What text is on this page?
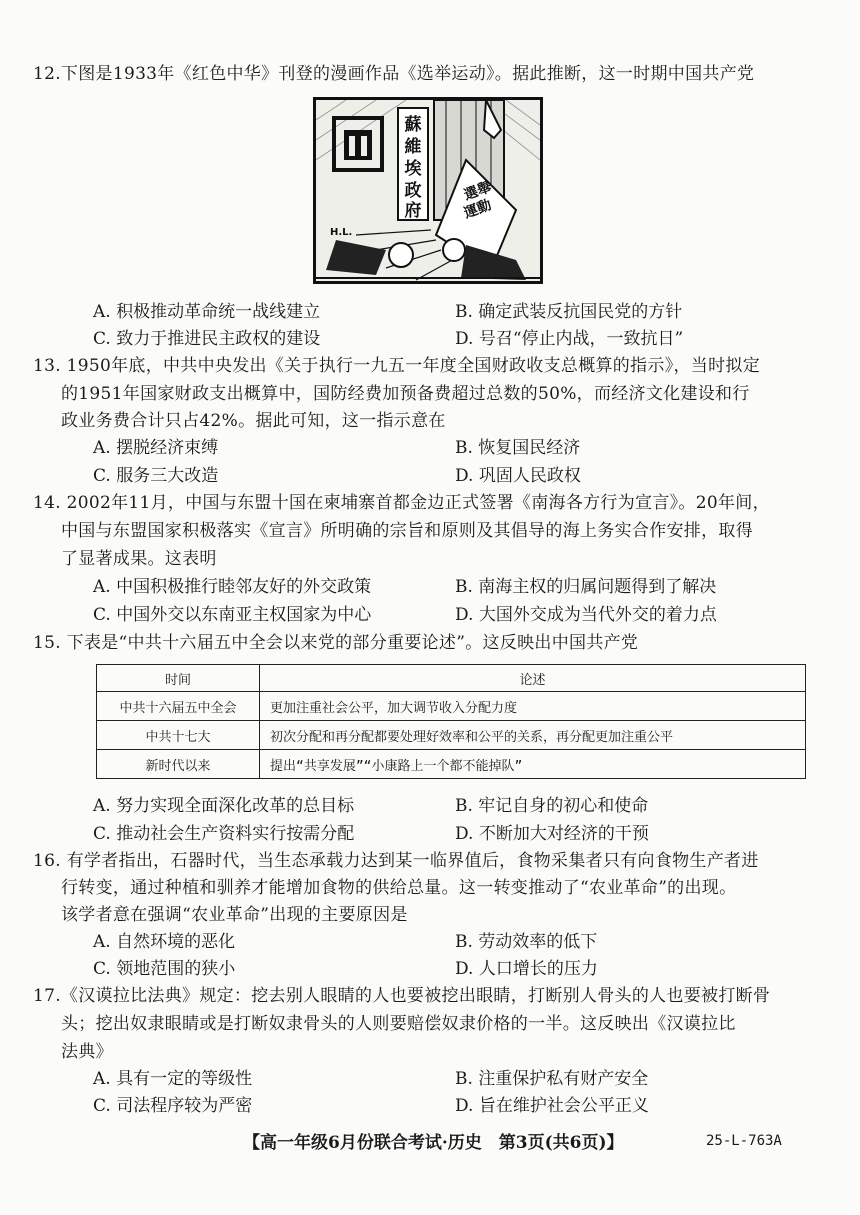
12.下图是1933年《红色中华》刊登的漫画作品《选举运动》。据此推断，这一时期中国共产党
蘇
維
埃
政
府
選舉
運動
H.L.
A. 积极推动革命统一战线建立	B. 确定武装反抗国民党的方针
C. 致力于推进民主政权的建设	D. 号召“停止内战，一致抗日”
13. 1950年底，中共中央发出《关于执行一九五一年度全国财政收支总概算的指示》，当时拟定
的1951年国家财政支出概算中，国防经费加预备费超过总数的50%，而经济文化建设和行
政业务费合计只占42%。据此可知，这一指示意在
A. 摆脱经济束缚	B. 恢复国民经济
C. 服务三大改造	D. 巩固人民政权
14. 2002年11月，中国与东盟十国在柬埔寨首都金边正式签署《南海各方行为宣言》。20年间，
中国与东盟国家积极落实《宣言》所明确的宗旨和原则及其倡导的海上务实合作安排，取得
了显著成果。这表明
A. 中国积极推行睦邻友好的外交政策	B. 南海主权的归属问题得到了解决
C. 中国外交以东南亚主权国家为中心	D. 大国外交成为当代外交的着力点
15. 下表是“中共十六届五中全会以来党的部分重要论述”。这反映出中国共产党
时间	论述
中共十六届五中全会	更加注重社会公平，加大调节收入分配力度
中共十七大	初次分配和再分配都要处理好效率和公平的关系，再分配更加注重公平
新时代以来	提出“共享发展”“小康路上一个都不能掉队”
A. 努力实现全面深化改革的总目标	B. 牢记自身的初心和使命
C. 推动社会生产资料实行按需分配	D. 不断加大对经济的干预
16. 有学者指出，石器时代，当生态承载力达到某一临界值后，食物采集者只有向食物生产者进
行转变，通过种植和驯养才能增加食物的供给总量。这一转变推动了“农业革命”的出现。
该学者意在强调“农业革命”出现的主要原因是
A. 自然环境的恶化	B. 劳动效率的低下
C. 领地范围的狭小	D. 人口增长的压力
17.《汉谟拉比法典》规定：挖去别人眼睛的人也要被挖出眼睛，打断别人骨头的人也要被打断骨
头；挖出奴隶眼睛或是打断奴隶骨头的人则要赔偿奴隶价格的一半。这反映出《汉谟拉比
法典》
A. 具有一定的等级性	B. 注重保护私有财产安全
C. 司法程序较为严密	D. 旨在维护社会公平正义
【高一年级6月份联合考试·历史　第3页(共6页)】	25-L-763A
